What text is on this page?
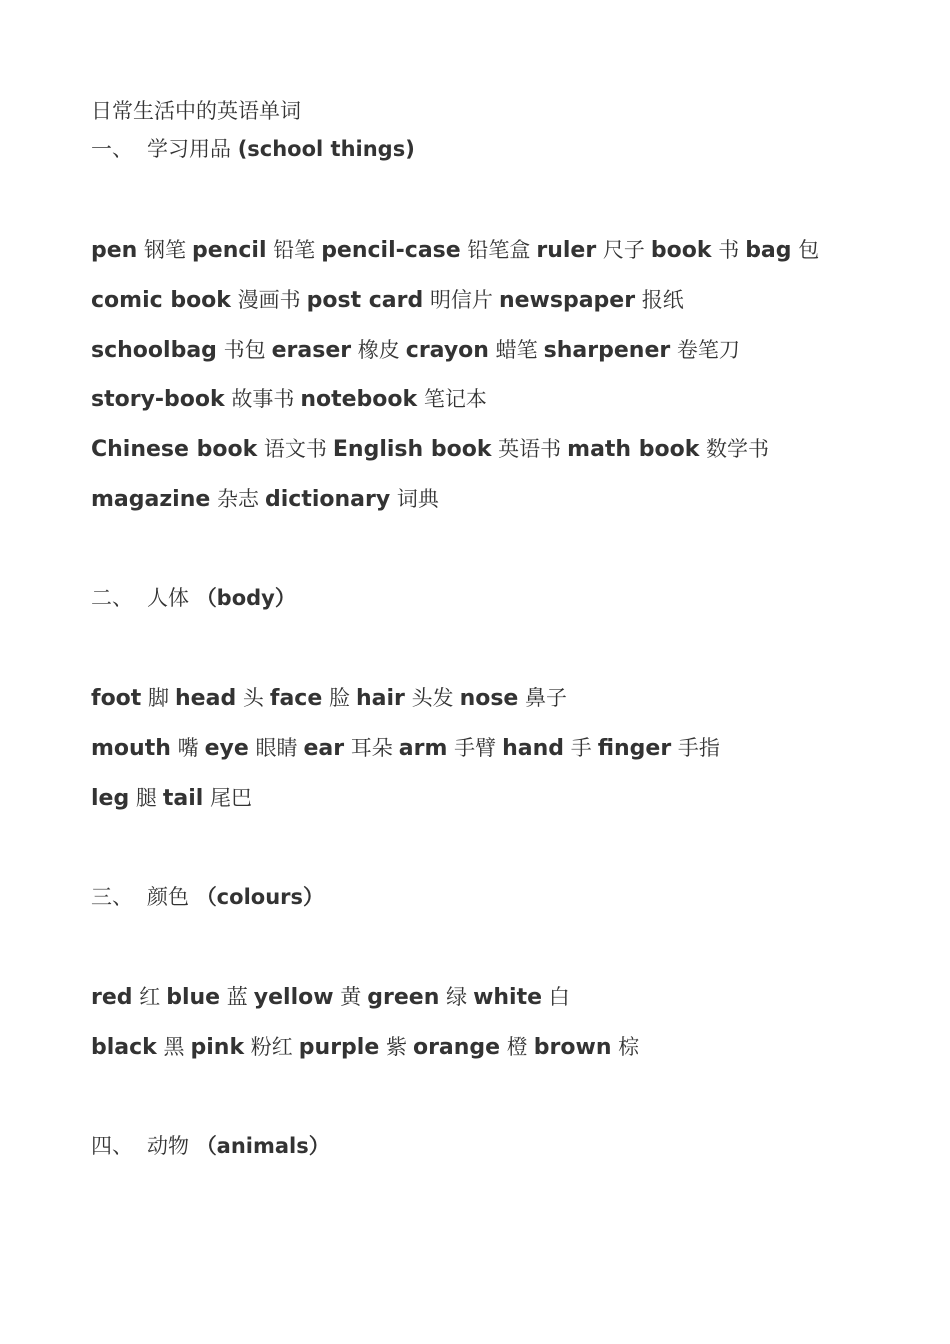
日常生活中的英语单词
一、 学习用品 (school things)
pen 钢笔 pencil 铅笔 pencil-case 铅笔盒 ruler 尺子 book 书 bag 包
comic book 漫画书 post card 明信片 newspaper 报纸
schoolbag 书包 eraser 橡皮 crayon 蜡笔 sharpener 卷笔刀
story-book 故事书 notebook 笔记本
Chinese book 语文书 English book 英语书 math book 数学书
magazine 杂志 dictionary 词典
二、 人体 （body）
foot 脚 head 头 face 脸 hair 头发 nose 鼻子
mouth 嘴 eye 眼睛 ear 耳朵 arm 手臂 hand 手 finger 手指
leg 腿 tail 尾巴
三、 颜色 （colours）
red 红 blue 蓝 yellow 黄 green 绿 white 白
black 黑 pink 粉红 purple 紫 orange 橙 brown 棕
四、 动物 （animals）
